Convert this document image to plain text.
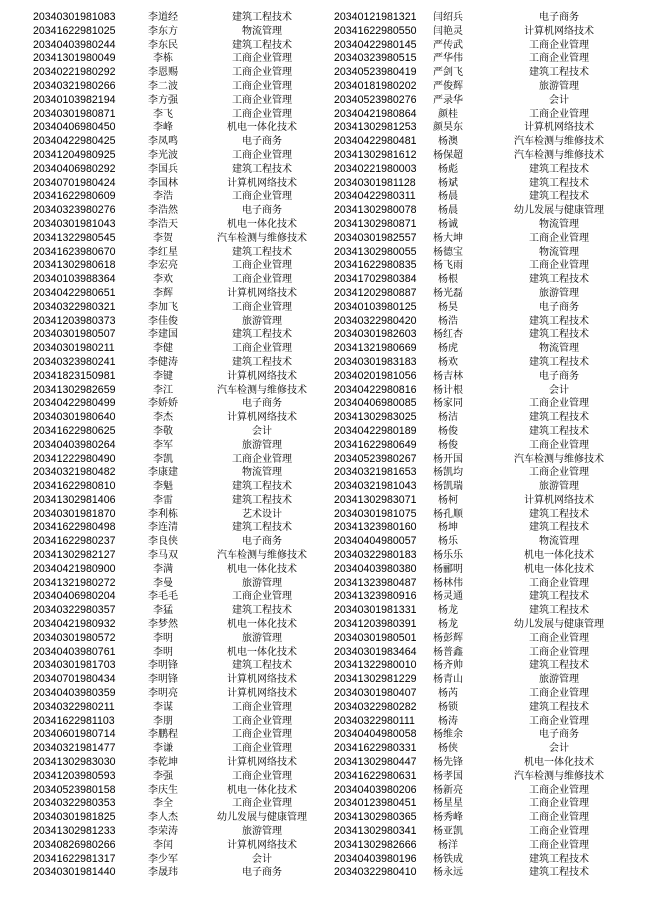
20340301981083	李道经	建筑工程技术	20340121981321	闫绍兵	电子商务
20341622981025	李东方	物流管理	20341622980550	闫艳灵	计算机网络技术
20340403980244	李东民	建筑工程技术	20340422980145	严传武	工商企业管理
20341301980049	李栋	工商企业管理	20340323980515	严华伟	工商企业管理
20340221980292	李恩赐	工商企业管理	20340523980419	严剑飞	建筑工程技术
20340321980266	李二波	工商企业管理	20340181980202	严俊辉	旅游管理
20340103982194	李方强	工商企业管理	20340523980276	严录华	会计
20340301980871	李飞	工商企业管理	20340421980864	颜桂	工商企业管理
20340406980450	李峰	机电一体化技术	20341302981253	颜昊东	计算机网络技术
20340422980425	李凤鸣	电子商务	20340422980481	杨澳	汽车检测与维修技术
20341204980925	李光波	工商企业管理	20341302981612	杨保超	汽车检测与维修技术
20340406980292	李国兵	建筑工程技术	20340221980003	杨彪	建筑工程技术
20340701980424	李国林	计算机网络技术	20340301981128	杨斌	建筑工程技术
20341622980609	李浩	工商企业管理	20340422980311	杨晨	建筑工程技术
20340323980276	李浩然	电子商务	20341302980078	杨晨	幼儿发展与健康管理
20340301981043	李浩天	机电一体化技术	20341302980871	杨诚	物流管理
20341322980545	李贺	汽车检测与维修技术	20340301982557	杨大坤	工商企业管理
20341623980670	李红星	建筑工程技术	20341302980055	杨德宝	物流管理
20341302980618	李宏亮	工商企业管理	20341622980835	杨飞雨	工商企业管理
20340103988364	李欢	工商企业管理	20341702980384	杨根	建筑工程技术
20340422980651	李辉	计算机网络技术	20341202980887	杨光磊	旅游管理
20340322980321	李加飞	工商企业管理	20340103980125	杨昊	电子商务
20341203980373	李佳俊	旅游管理	20340322980420	杨浩	建筑工程技术
20340301980507	李建国	建筑工程技术	20340301982603	杨红杏	建筑工程技术
20340301980211	李健	工商企业管理	20341321980669	杨虎	物流管理
20340323980241	李健涛	建筑工程技术	20340301983183	杨欢	建筑工程技术
20341823150981	李键	计算机网络技术	20340201981056	杨吉林	电子商务
20341302982659	李江	汽车检测与维修技术	20340422980816	杨计根	会计
20340422980499	李娇娇	电子商务	20340406980085	杨家同	工商企业管理
20340301980640	李杰	计算机网络技术	20341302983025	杨洁	建筑工程技术
20341622980625	李敬	会计	20340422980189	杨俊	建筑工程技术
20340403980264	李军	旅游管理	20341622980649	杨俊	工商企业管理
20341222980490	李凯	工商企业管理	20340523980267	杨开国	汽车检测与维修技术
20340321980482	李康建	物流管理	20340321981653	杨凯均	工商企业管理
20341622980810	李魁	建筑工程技术	20340321981043	杨凯瑞	旅游管理
20341302981406	李雷	建筑工程技术	20341302983071	杨柯	计算机网络技术
20340301981870	李利栋	艺术设计	20340301981075	杨孔顺	建筑工程技术
20341622980498	李连清	建筑工程技术	20341323980160	杨坤	建筑工程技术
20341622980237	李良侠	电子商务	20340404980057	杨乐	物流管理
20341302982127	李马双	汽车检测与维修技术	20340322980183	杨乐乐	机电一体化技术
20340421980900	李满	机电一体化技术	20340403980380	杨郦明	机电一体化技术
20341321980272	李曼	旅游管理	20341323980487	杨林伟	工商企业管理
20340406980204	李毛毛	工商企业管理	20341323980916	杨灵通	建筑工程技术
20340322980357	李猛	建筑工程技术	20340301981331	杨龙	建筑工程技术
20340421980932	李梦然	机电一体化技术	20341203980391	杨龙	幼儿发展与健康管理
20340301980572	李明	旅游管理	20340301980501	杨彭辉	工商企业管理
20340403980761	李明	机电一体化技术	20340301983464	杨普鑫	工商企业管理
20340301981703	李明锋	建筑工程技术	20341322980010	杨齐帅	建筑工程技术
20340701980434	李明锋	计算机网络技术	20341302981229	杨青山	旅游管理
20340403980359	李明亮	计算机网络技术	20340301980407	杨芮	工商企业管理
20340322980211	李谋	工商企业管理	20340322980282	杨锁	建筑工程技术
20341622981103	李朋	工商企业管理	20340322980111	杨涛	工商企业管理
20340601980714	李鹏程	工商企业管理	20340404980058	杨维余	电子商务
20340321981477	李谦	工商企业管理	20341622980331	杨侠	会计
20341302983030	李乾坤	计算机网络技术	20341302980447	杨先锋	机电一体化技术
20341203980593	李强	工商企业管理	20341622980631	杨孝国	汽车检测与维修技术
20340523980158	李庆生	机电一体化技术	20340403980206	杨新亮	工商企业管理
20340322980353	李全	工商企业管理	20340123980451	杨星星	工商企业管理
20340301981825	李人杰	幼儿发展与健康管理	20341302980365	杨秀峰	工商企业管理
20341302981233	李荣涛	旅游管理	20341302980341	杨亚凯	工商企业管理
20340826980266	李闰	计算机网络技术	20341302982666	杨洋	工商企业管理
20341622981317	李少军	会计	20340403980196	杨铁成	建筑工程技术
20340301981440	李晟玮	电子商务	20340322980410	杨永远	建筑工程技术
